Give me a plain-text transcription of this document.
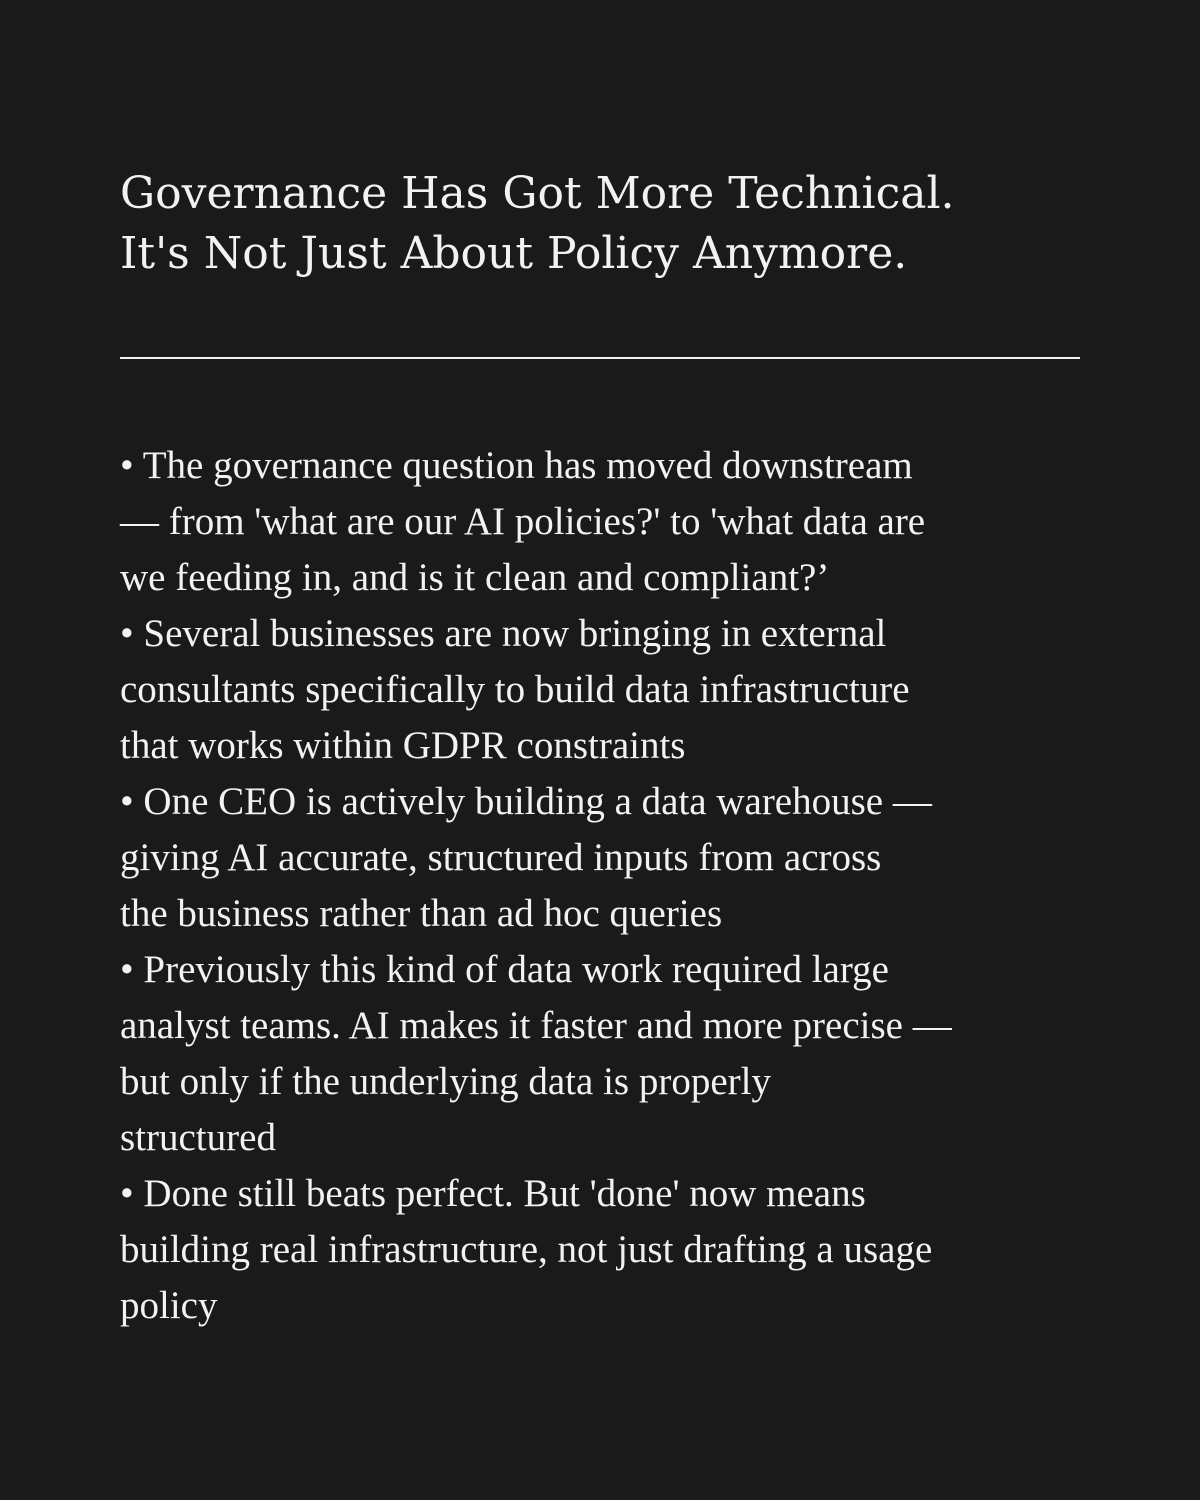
Governance Has Got More Technical.
It's Not Just About Policy Anymore.
• The governance question has moved downstream
— from 'what are our AI policies?' to 'what data are
we feeding in, and is it clean and compliant?’
• Several businesses are now bringing in external
consultants specifically to build data infrastructure
that works within GDPR constraints
• One CEO is actively building a data warehouse —
giving AI accurate, structured inputs from across
the business rather than ad hoc queries
• Previously this kind of data work required large
analyst teams. AI makes it faster and more precise —
but only if the underlying data is properly
structured
• Done still beats perfect. But 'done' now means
building real infrastructure, not just drafting a usage
policy
